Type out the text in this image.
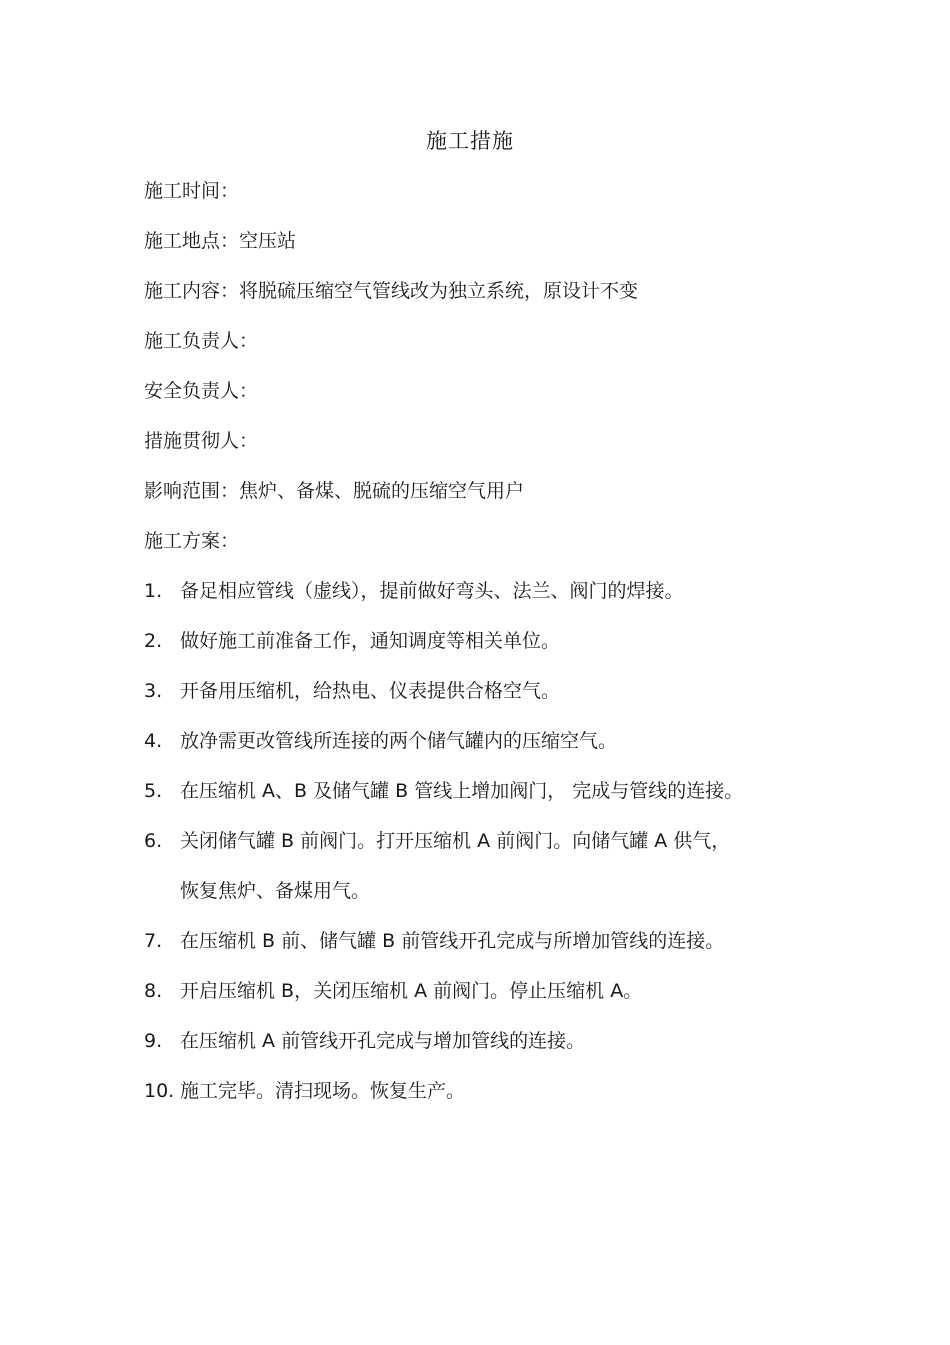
施工措施
施工时间：
施工地点：空压站
施工内容：将脱硫压缩空气管线改为独立系统，原设计不变
施工负责人：
安全负责人：
措施贯彻人：
影响范围：焦炉、备煤、脱硫的压缩空气用户
施工方案：
1. 备足相应管线（虚线），提前做好弯头、法兰、阀门的焊接。
2. 做好施工前准备工作，通知调度等相关单位。
3. 开备用压缩机，给热电、仪表提供合格空气。
4. 放净需更改管线所连接的两个储气罐内的压缩空气。
5. 在压缩机 A、B 及储气罐 B 管线上增加阀门， 完成与管线的连接。
6. 关闭储气罐 B 前阀门。打开压缩机 A 前阀门。向储气罐 A 供气，
恢复焦炉、备煤用气。
7. 在压缩机 B 前、储气罐 B 前管线开孔完成与所增加管线的连接。
8. 开启压缩机 B，关闭压缩机 A 前阀门。停止压缩机 A。
9. 在压缩机 A 前管线开孔完成与增加管线的连接。
10. 施工完毕。清扫现场。恢复生产。
